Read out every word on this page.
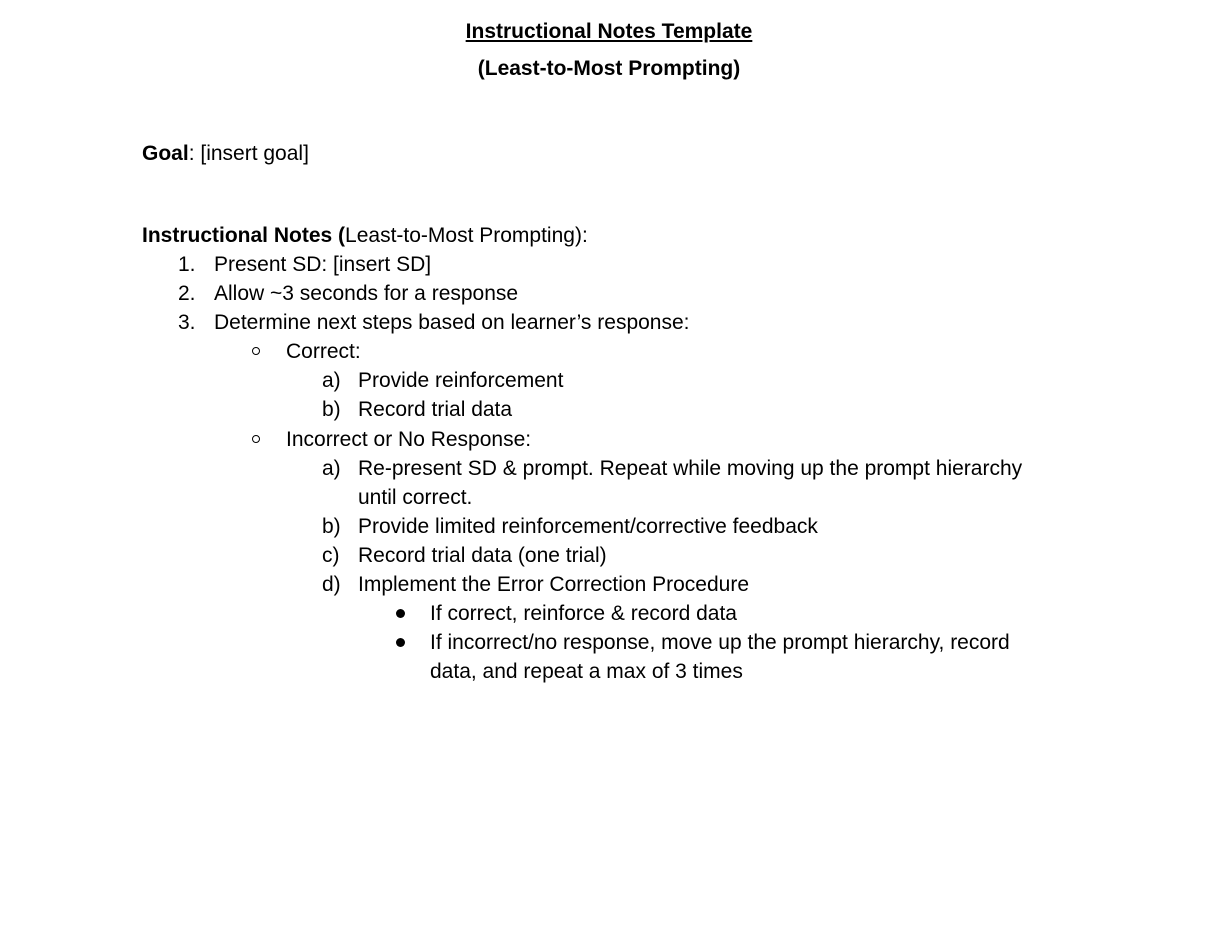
Instructional Notes Template
(Least-to-Most Prompting)
Goal: [insert goal]
Instructional Notes (Least-to-Most Prompting):
1. Present SD: [insert SD]
2. Allow ~3 seconds for a response
3. Determine next steps based on learner’s response:
Correct:
a) Provide reinforcement
b) Record trial data
Incorrect or No Response:
a) Re-present SD & prompt. Repeat while moving up the prompt hierarchy
until correct.
b) Provide limited reinforcement/corrective feedback
c) Record trial data (one trial)
d) Implement the Error Correction Procedure
If correct, reinforce & record data
If incorrect/no response, move up the prompt hierarchy, record
data, and repeat a max of 3 times
